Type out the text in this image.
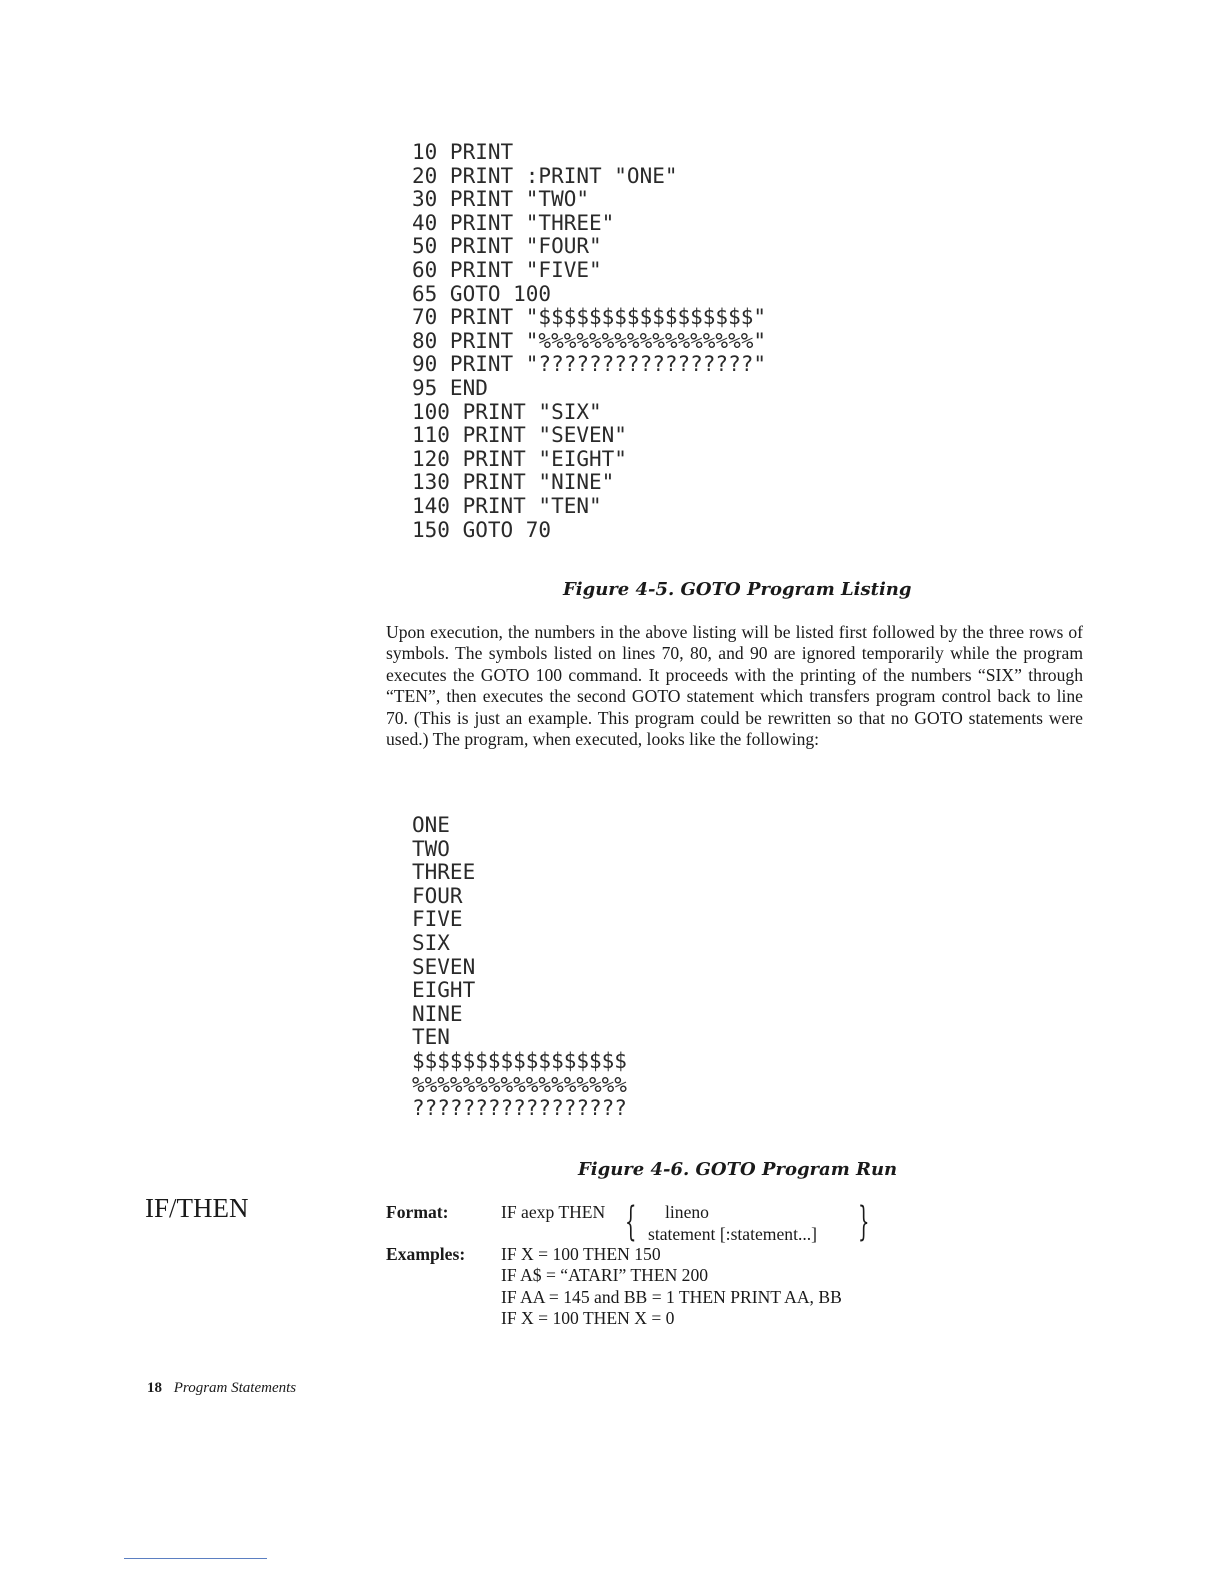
10 PRINT
20 PRINT :PRINT "ONE"
30 PRINT "TWO"
40 PRINT "THREE"
50 PRINT "FOUR"
60 PRINT "FIVE"
65 GOTO 100
70 PRINT "$$$$$$$$$$$$$$$$$"
80 PRINT "%%%%%%%%%%%%%%%%%"
90 PRINT "?????????????????"
95 END
100 PRINT "SIX"
110 PRINT "SEVEN"
120 PRINT "EIGHT"
130 PRINT "NINE"
140 PRINT "TEN"
150 GOTO 70
Figure 4-5. GOTO Program Listing
Upon execution, the numbers in the above listing will be listed first followed by the three rows of symbols. The symbols listed on lines 70, 80, and 90 are ignored temporarily while the program executes the GOTO 100 command. It proceeds with the printing of the numbers “SIX” through “TEN”, then executes the second GOTO statement which transfers program control back to line 70. (This is just an example. This program could be rewritten so that no GOTO statements were used.) The program, when executed, looks like the following:
ONE
TWO
THREE
FOUR
FIVE
SIX
SEVEN
EIGHT
NINE
TEN
$$$$$$$$$$$$$$$$$
%%%%%%%%%%%%%%%%%
?????????????????
Figure 4-6. GOTO Program Run
IF/THEN	Format:	IF aexp THEN { lineno
statement [:statement...] }
Examples: IF X = 100 THEN 150
IF A$ = “ATARI” THEN 200
IF AA = 145 and BB = 1 THEN PRINT AA, BB
IF X = 100 THEN X = 0
18 Program Statements
